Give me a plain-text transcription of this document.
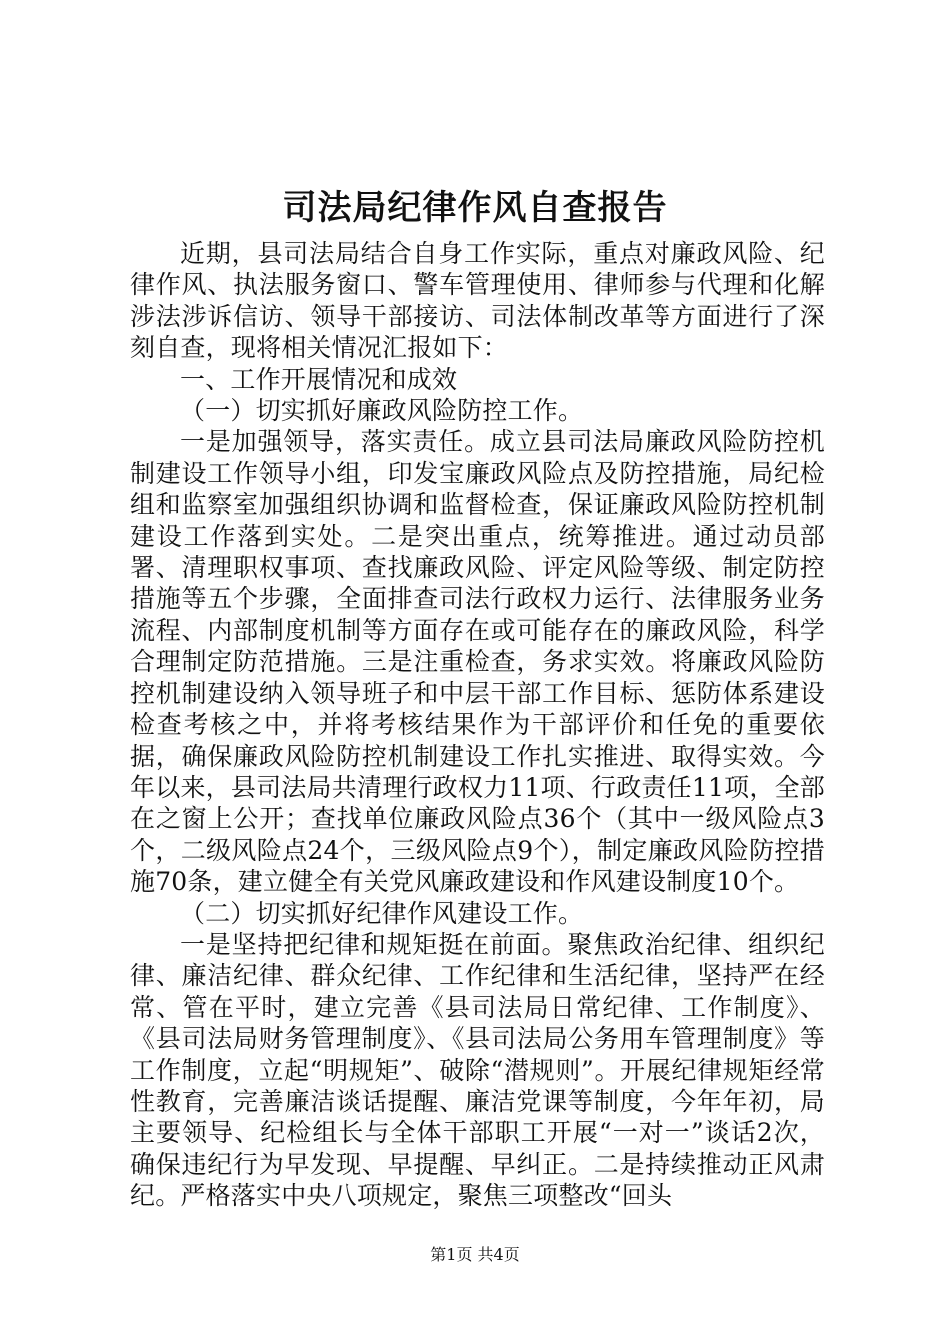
司法局纪律作风自查报告

近期，县司法局结合自身工作实际，重点对廉政风险、纪律作风、执法服务窗口、警车管理使用、律师参与代理和化解涉法涉诉信访、领导干部接访、司法体制改革等方面进行了深刻自查，现将相关情况汇报如下：

一、工作开展情况和成效

（一）切实抓好廉政风险防控工作。

一是加强领导，落实责任。成立县司法局廉政风险防控机制建设工作领导小组，印发宝廉政风险点及防控措施，局纪检组和监察室加强组织协调和监督检查，保证廉政风险防控机制建设工作落到实处。二是突出重点，统筹推进。通过动员部署、清理职权事项、查找廉政风险、评定风险等级、制定防控措施等五个步骤，全面排查司法行政权力运行、法律服务业务流程、内部制度机制等方面存在或可能存在的廉政风险，科学合理制定防范措施。三是注重检查，务求实效。将廉政风险防控机制建设纳入领导班子和中层干部工作目标、惩防体系建设检查考核之中，并将考核结果作为干部评价和任免的重要依据，确保廉政风险防控机制建设工作扎实推进、取得实效。今年以来，县司法局共清理行政权力11项、行政责任11项，全部在之窗上公开；查找单位廉政风险点36个（其中一级风险点3个，二级风险点24个，三级风险点9个），制定廉政风险防控措施70条，建立健全有关党风廉政建设和作风建设制度10个。

（二）切实抓好纪律作风建设工作。

一是坚持把纪律和规矩挺在前面。聚焦政治纪律、组织纪律、廉洁纪律、群众纪律、工作纪律和生活纪律，坚持严在经常、管在平时，建立完善《县司法局日常纪律、工作制度》、《县司法局财务管理制度》、《县司法局公务用车管理制度》等工作制度，立起“明规矩”、破除“潜规则”。开展纪律规矩经常性教育，完善廉洁谈话提醒、廉洁党课等制度，今年年初，局主要领导、纪检组长与全体干部职工开展“一对一”谈话2次，确保违纪行为早发现、早提醒、早纠正。二是持续推动正风肃纪。严格落实中央八项规定，聚焦三项整改“回头

第1页 共4页
